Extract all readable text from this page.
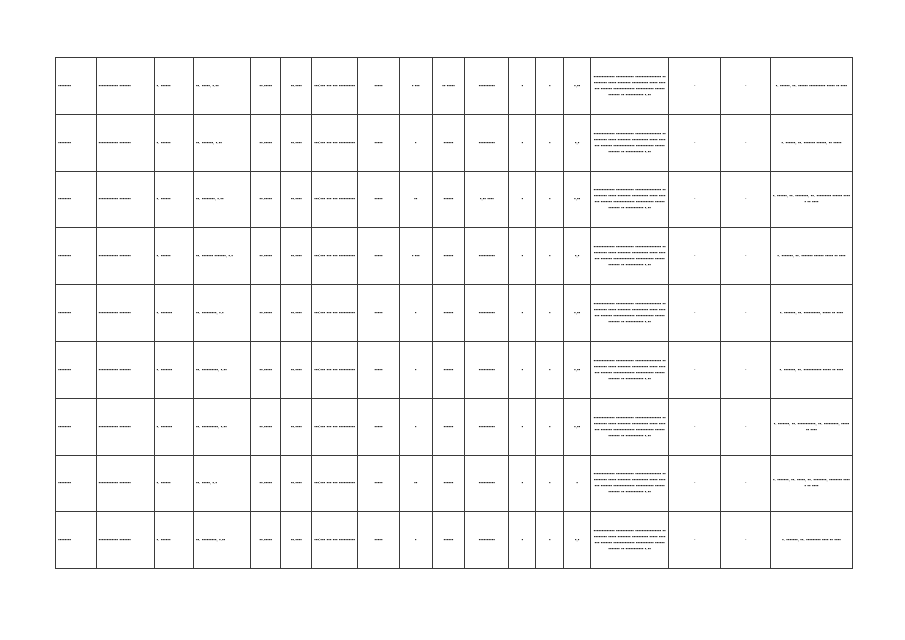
▪▪▪▪▪▪▪▪	▪▪▪▪▪▪▪▪▪▪▪▪ ▪▪▪▪▪▪▪	▪. ▪▪▪▪▪▪	▪▪. ▪▪▪▪▪, ▪.▪▪	▪▪.▪▪▪▪▪	▪▪.▪▪▪▪	▪▪▪:▪▪▪ ▪▪▪ ▪▪▪ ▪▪▪▪▪▪▪▪▪▪	▪▪▪▪▪	▪ ▪▪▪	▪▪ ▪▪▪▪▪	▪▪▪▪▪▪▪▪▪▪	▪	▪	▪,▪▪	▪▪▪▪▪▪▪▪▪▪▪▪▪ ▪▪▪▪▪▪▪▪▪▪▪ ▪▪▪▪▪▪▪▪▪▪▪▪▪▪▪▪ ▪▪▪▪▪▪▪▪▪▪ ▪▪▪▪▪ ▪▪▪▪▪▪▪▪ ▪▪▪▪▪▪▪▪▪▪ ▪▪▪▪▪ ▪▪▪▪▪▪▪ ▪▪▪▪▪▪▪ ▪▪▪▪▪▪▪▪▪▪▪▪▪ ▪▪▪▪▪▪▪▪▪▪▪ ▪▪▪▪▪▪ ▪▪▪▪▪▪▪ ▪▪ ▪▪▪▪▪▪▪▪▪▪▪ ▪.▪▪	-	-	▪. ▪▪▪▪▪▪, ▪▪. ▪▪▪▪▪▪ ▪▪▪▪▪▪▪▪▪▪ ▪▪▪▪▪ ▪▪ ▪▪▪▪
▪▪▪▪▪▪▪▪	▪▪▪▪▪▪▪▪▪▪▪▪ ▪▪▪▪▪▪▪	▪. ▪▪▪▪▪▪	▪▪. ▪▪▪▪▪▪▪, ▪.▪▪	▪▪.▪▪▪▪▪	▪▪.▪▪▪▪	▪▪▪:▪▪▪ ▪▪▪ ▪▪▪ ▪▪▪▪▪▪▪▪▪▪	▪▪▪▪▪	▪	▪▪▪▪▪▪	▪▪▪▪▪▪▪▪▪▪	▪	▪	▪,▪	▪▪▪▪▪▪▪▪▪▪▪▪▪ ▪▪▪▪▪▪▪▪▪▪▪ ▪▪▪▪▪▪▪▪▪▪▪▪▪▪▪▪ ▪▪▪▪▪▪▪▪▪▪ ▪▪▪▪▪ ▪▪▪▪▪▪▪▪ ▪▪▪▪▪▪▪▪▪▪ ▪▪▪▪▪ ▪▪▪▪▪▪▪ ▪▪▪▪▪▪▪ ▪▪▪▪▪▪▪▪▪▪▪▪▪ ▪▪▪▪▪▪▪▪▪▪▪ ▪▪▪▪▪▪ ▪▪▪▪▪▪▪ ▪▪ ▪▪▪▪▪▪▪▪▪▪▪ ▪.▪▪	-	-	▪. ▪▪▪▪▪▪, ▪▪. ▪▪▪▪▪▪▪ ▪▪▪▪▪▪, ▪▪ ▪▪▪▪▪
▪▪▪▪▪▪▪▪	▪▪▪▪▪▪▪▪▪▪▪▪ ▪▪▪▪▪▪▪	▪. ▪▪▪▪▪▪	▪▪. ▪▪▪▪▪▪▪▪, ▪.▪▪	▪▪.▪▪▪▪▪	▪▪.▪▪▪▪	▪▪▪:▪▪▪ ▪▪▪ ▪▪▪ ▪▪▪▪▪▪▪▪▪▪	▪▪▪▪▪	▪▪	▪▪▪▪▪▪	▪,▪▪ ▪▪▪▪	▪	▪	▪,▪▪	▪▪▪▪▪▪▪▪▪▪▪▪▪ ▪▪▪▪▪▪▪▪▪▪▪ ▪▪▪▪▪▪▪▪▪▪▪▪▪▪▪▪ ▪▪▪▪▪▪▪▪▪▪ ▪▪▪▪▪ ▪▪▪▪▪▪▪▪ ▪▪▪▪▪▪▪▪▪▪ ▪▪▪▪▪ ▪▪▪▪▪▪▪ ▪▪▪▪▪▪▪ ▪▪▪▪▪▪▪▪▪▪▪▪▪ ▪▪▪▪▪▪▪▪▪▪▪ ▪▪▪▪▪▪ ▪▪▪▪▪▪▪ ▪▪ ▪▪▪▪▪▪▪▪▪▪▪ ▪.▪▪	-	-	▪. ▪▪▪▪▪▪, ▪▪. ▪▪▪▪▪▪▪▪, ▪▪. ▪▪▪▪▪▪▪▪▪ ▪▪▪▪▪▪ ▪▪▪▪▪ ▪▪ ▪▪▪▪
▪▪▪▪▪▪▪▪	▪▪▪▪▪▪▪▪▪▪▪▪ ▪▪▪▪▪▪▪	▪. ▪▪▪▪▪▪	▪▪. ▪▪▪▪▪▪▪ ▪▪▪▪▪▪▪, ▪.▪	▪▪.▪▪▪▪▪	▪▪.▪▪▪▪	▪▪▪:▪▪▪ ▪▪▪ ▪▪▪ ▪▪▪▪▪▪▪▪▪▪	▪▪▪▪▪	▪ ▪▪▪	▪▪▪▪▪▪	▪▪▪▪▪▪▪▪▪▪	▪	▪	▪,▪	▪▪▪▪▪▪▪▪▪▪▪▪▪ ▪▪▪▪▪▪▪▪▪▪▪ ▪▪▪▪▪▪▪▪▪▪▪▪▪▪▪▪ ▪▪▪▪▪▪▪▪▪▪ ▪▪▪▪▪ ▪▪▪▪▪▪▪▪ ▪▪▪▪▪▪▪▪▪▪ ▪▪▪▪▪ ▪▪▪▪▪▪▪ ▪▪▪▪▪▪▪ ▪▪▪▪▪▪▪▪▪▪▪▪▪ ▪▪▪▪▪▪▪▪▪▪▪ ▪▪▪▪▪▪ ▪▪▪▪▪▪▪ ▪▪ ▪▪▪▪▪▪▪▪▪▪▪ ▪.▪▪	-	-	▪. ▪▪▪▪▪▪▪, ▪▪. ▪▪▪▪▪▪▪ ▪▪▪▪▪▪ ▪▪▪▪▪ ▪▪ ▪▪▪▪
▪▪▪▪▪▪▪▪	▪▪▪▪▪▪▪▪▪▪▪▪ ▪▪▪▪▪▪▪	▪. ▪▪▪▪▪▪▪	▪▪. ▪▪▪▪▪▪▪▪▪, ▪.▪	▪▪.▪▪▪▪▪	▪▪.▪▪▪▪	▪▪▪:▪▪▪ ▪▪▪ ▪▪▪ ▪▪▪▪▪▪▪▪▪▪	▪▪▪▪▪	▪	▪▪▪▪▪▪	▪▪▪▪▪▪▪▪▪▪	▪	▪	▪,▪▪	▪▪▪▪▪▪▪▪▪▪▪▪▪ ▪▪▪▪▪▪▪▪▪▪▪ ▪▪▪▪▪▪▪▪▪▪▪▪▪▪▪▪ ▪▪▪▪▪▪▪▪▪▪ ▪▪▪▪▪ ▪▪▪▪▪▪▪▪ ▪▪▪▪▪▪▪▪▪▪ ▪▪▪▪▪ ▪▪▪▪▪▪▪ ▪▪▪▪▪▪▪ ▪▪▪▪▪▪▪▪▪▪▪▪▪ ▪▪▪▪▪▪▪▪▪▪▪ ▪▪▪▪▪▪ ▪▪▪▪▪▪▪ ▪▪ ▪▪▪▪▪▪▪▪▪▪▪ ▪.▪▪	-	-	▪. ▪▪▪▪▪▪▪, ▪▪. ▪▪▪▪▪▪▪▪▪▪, ▪▪▪▪▪ ▪▪ ▪▪▪▪
▪▪▪▪▪▪▪▪	▪▪▪▪▪▪▪▪▪▪▪▪ ▪▪▪▪▪▪▪	▪. ▪▪▪▪▪▪▪	▪▪. ▪▪▪▪▪▪▪▪▪▪, ▪.▪▪	▪▪.▪▪▪▪▪	▪▪.▪▪▪▪	▪▪▪:▪▪▪ ▪▪▪ ▪▪▪ ▪▪▪▪▪▪▪▪▪▪	▪▪▪▪▪	▪	▪▪▪▪▪▪	▪▪▪▪▪▪▪▪▪▪	▪	▪	▪,▪▪	▪▪▪▪▪▪▪▪▪▪▪▪▪ ▪▪▪▪▪▪▪▪▪▪▪ ▪▪▪▪▪▪▪▪▪▪▪▪▪▪▪▪ ▪▪▪▪▪▪▪▪▪▪ ▪▪▪▪▪ ▪▪▪▪▪▪▪▪ ▪▪▪▪▪▪▪▪▪▪ ▪▪▪▪▪ ▪▪▪▪▪▪▪ ▪▪▪▪▪▪▪ ▪▪▪▪▪▪▪▪▪▪▪▪▪ ▪▪▪▪▪▪▪▪▪▪▪ ▪▪▪▪▪▪ ▪▪▪▪▪▪▪ ▪▪ ▪▪▪▪▪▪▪▪▪▪▪ ▪.▪▪	-	-	▪. ▪▪▪▪▪▪▪, ▪▪. ▪▪▪▪▪▪▪▪▪▪▪ ▪▪▪▪▪ ▪▪ ▪▪▪▪
▪▪▪▪▪▪▪▪	▪▪▪▪▪▪▪▪▪▪▪▪ ▪▪▪▪▪▪▪	▪. ▪▪▪▪▪▪▪	▪▪. ▪▪▪▪▪▪▪▪▪▪, ▪.▪▪	▪▪.▪▪▪▪▪	▪▪.▪▪▪▪	▪▪▪:▪▪▪ ▪▪▪ ▪▪▪ ▪▪▪▪▪▪▪▪▪▪	▪▪▪▪▪	▪	▪▪▪▪▪▪	▪▪▪▪▪▪▪▪▪▪	▪	▪	▪,▪▪	▪▪▪▪▪▪▪▪▪▪▪▪▪ ▪▪▪▪▪▪▪▪▪▪▪ ▪▪▪▪▪▪▪▪▪▪▪▪▪▪▪▪ ▪▪▪▪▪▪▪▪▪▪ ▪▪▪▪▪ ▪▪▪▪▪▪▪▪ ▪▪▪▪▪▪▪▪▪▪ ▪▪▪▪▪ ▪▪▪▪▪▪▪ ▪▪▪▪▪▪▪ ▪▪▪▪▪▪▪▪▪▪▪▪▪ ▪▪▪▪▪▪▪▪▪▪▪ ▪▪▪▪▪▪ ▪▪▪▪▪▪▪ ▪▪ ▪▪▪▪▪▪▪▪▪▪▪ ▪.▪▪	-	-	▪. ▪▪▪▪▪▪▪, ▪▪. ▪▪▪▪▪▪▪▪▪▪▪, ▪▪. ▪▪▪▪▪▪▪▪▪, ▪▪▪▪▪ ▪▪ ▪▪▪▪
▪▪▪▪▪▪▪▪	▪▪▪▪▪▪▪▪▪▪▪▪ ▪▪▪▪▪▪▪	▪. ▪▪▪▪▪▪	▪▪. ▪▪▪▪▪, ▪.▪	▪▪.▪▪▪▪▪	▪▪.▪▪▪▪	▪▪▪:▪▪▪ ▪▪▪ ▪▪▪ ▪▪▪▪▪▪▪▪▪▪	▪▪▪▪▪	▪▪	▪▪▪▪▪▪	▪▪▪▪▪▪▪▪▪▪	▪	▪	▪	▪▪▪▪▪▪▪▪▪▪▪▪▪ ▪▪▪▪▪▪▪▪▪▪▪ ▪▪▪▪▪▪▪▪▪▪▪▪▪▪▪▪ ▪▪▪▪▪▪▪▪▪▪ ▪▪▪▪▪ ▪▪▪▪▪▪▪▪ ▪▪▪▪▪▪▪▪▪▪ ▪▪▪▪▪ ▪▪▪▪▪▪▪ ▪▪▪▪▪▪▪ ▪▪▪▪▪▪▪▪▪▪▪▪▪ ▪▪▪▪▪▪▪▪▪▪▪ ▪▪▪▪▪▪ ▪▪▪▪▪▪▪ ▪▪ ▪▪▪▪▪▪▪▪▪▪▪ ▪.▪▪	-	-	▪. ▪▪▪▪▪▪▪, ▪▪. ▪▪▪▪▪, ▪▪. ▪▪▪▪▪▪▪▪, ▪▪▪▪▪▪▪▪ ▪▪▪▪▪ ▪▪ ▪▪▪▪
▪▪▪▪▪▪▪▪	▪▪▪▪▪▪▪▪▪▪▪▪ ▪▪▪▪▪▪▪	▪. ▪▪▪▪▪▪	▪▪. ▪▪▪▪▪▪▪▪▪, ▪.▪▪	▪▪.▪▪▪▪▪	▪▪.▪▪▪▪	▪▪▪:▪▪▪ ▪▪▪ ▪▪▪ ▪▪▪▪▪▪▪▪▪▪	▪▪▪▪▪	▪	▪▪▪▪▪▪	▪▪▪▪▪▪▪▪▪▪	▪	▪	▪,▪	▪▪▪▪▪▪▪▪▪▪▪▪▪ ▪▪▪▪▪▪▪▪▪▪▪ ▪▪▪▪▪▪▪▪▪▪▪▪▪▪▪▪ ▪▪▪▪▪▪▪▪▪▪ ▪▪▪▪▪ ▪▪▪▪▪▪▪▪ ▪▪▪▪▪▪▪▪▪▪ ▪▪▪▪▪ ▪▪▪▪▪▪▪ ▪▪▪▪▪▪▪ ▪▪▪▪▪▪▪▪▪▪▪▪▪ ▪▪▪▪▪▪▪▪▪▪▪ ▪▪▪▪▪▪ ▪▪▪▪▪▪▪ ▪▪ ▪▪▪▪▪▪▪▪▪▪▪ ▪.▪▪	-	-	▪. ▪▪▪▪▪▪▪, ▪▪. ▪▪▪▪▪▪▪▪▪ ▪▪▪▪ ▪▪ ▪▪▪▪
